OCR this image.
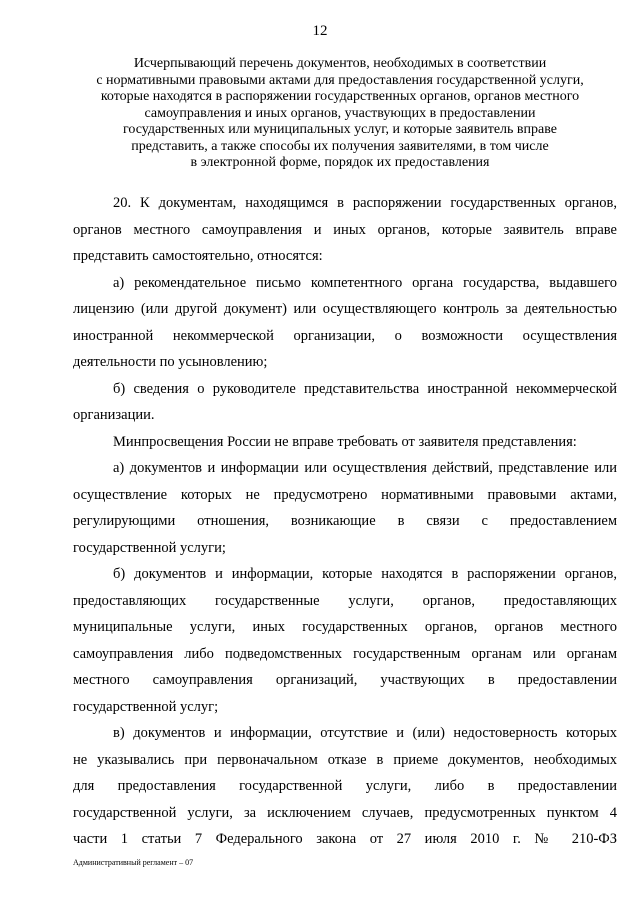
12
Исчерпывающий перечень документов, необходимых в соответствии
с нормативными правовыми актами для предоставления государственной услуги,
которые находятся в распоряжении государственных органов, органов местного
самоуправления и иных органов, участвующих в предоставлении
государственных или муниципальных услуг, и которые заявитель вправе
представить, а также способы их получения заявителями, в том числе
в электронной форме, порядок их предоставления

20. К документам, находящимся в распоряжении государственных органов,
органов местного самоуправления и иных органов, которые заявитель вправе
представить самостоятельно, относятся:

а) рекомендательное письмо компетентного органа государства, выдавшего
лицензию (или другой документ) или осуществляющего контроль за деятельностью
иностранной некоммерческой организации, о возможности осуществления
деятельности по усыновлению;

б) сведения о руководителе представительства иностранной некоммерческой
организации.

Минпросвещения России не вправе требовать от заявителя представления:

а) документов и информации или осуществления действий, представление или
осуществление которых не предусмотрено нормативными правовыми актами,
регулирующими отношения, возникающие в связи с предоставлением
государственной услуги;

б) документов и информации, которые находятся в распоряжении органов,
предоставляющих государственные услуги, органов, предоставляющих
муниципальные услуги, иных государственных органов, органов местного
самоуправления либо подведомственных государственным органам или органам
местного самоуправления организаций, участвующих в предоставлении
государственной услуг;

в) документов и информации, отсутствие и (или) недостоверность которых
не указывались при первоначальном отказе в приеме документов, необходимых
для предоставления государственной услуги, либо в предоставлении
государственной услуги, за исключением случаев, предусмотренных пунктом 4
части 1 статьи 7 Федерального закона от 27 июля 2010 г. № 210-ФЗ

Административный регламент – 07
